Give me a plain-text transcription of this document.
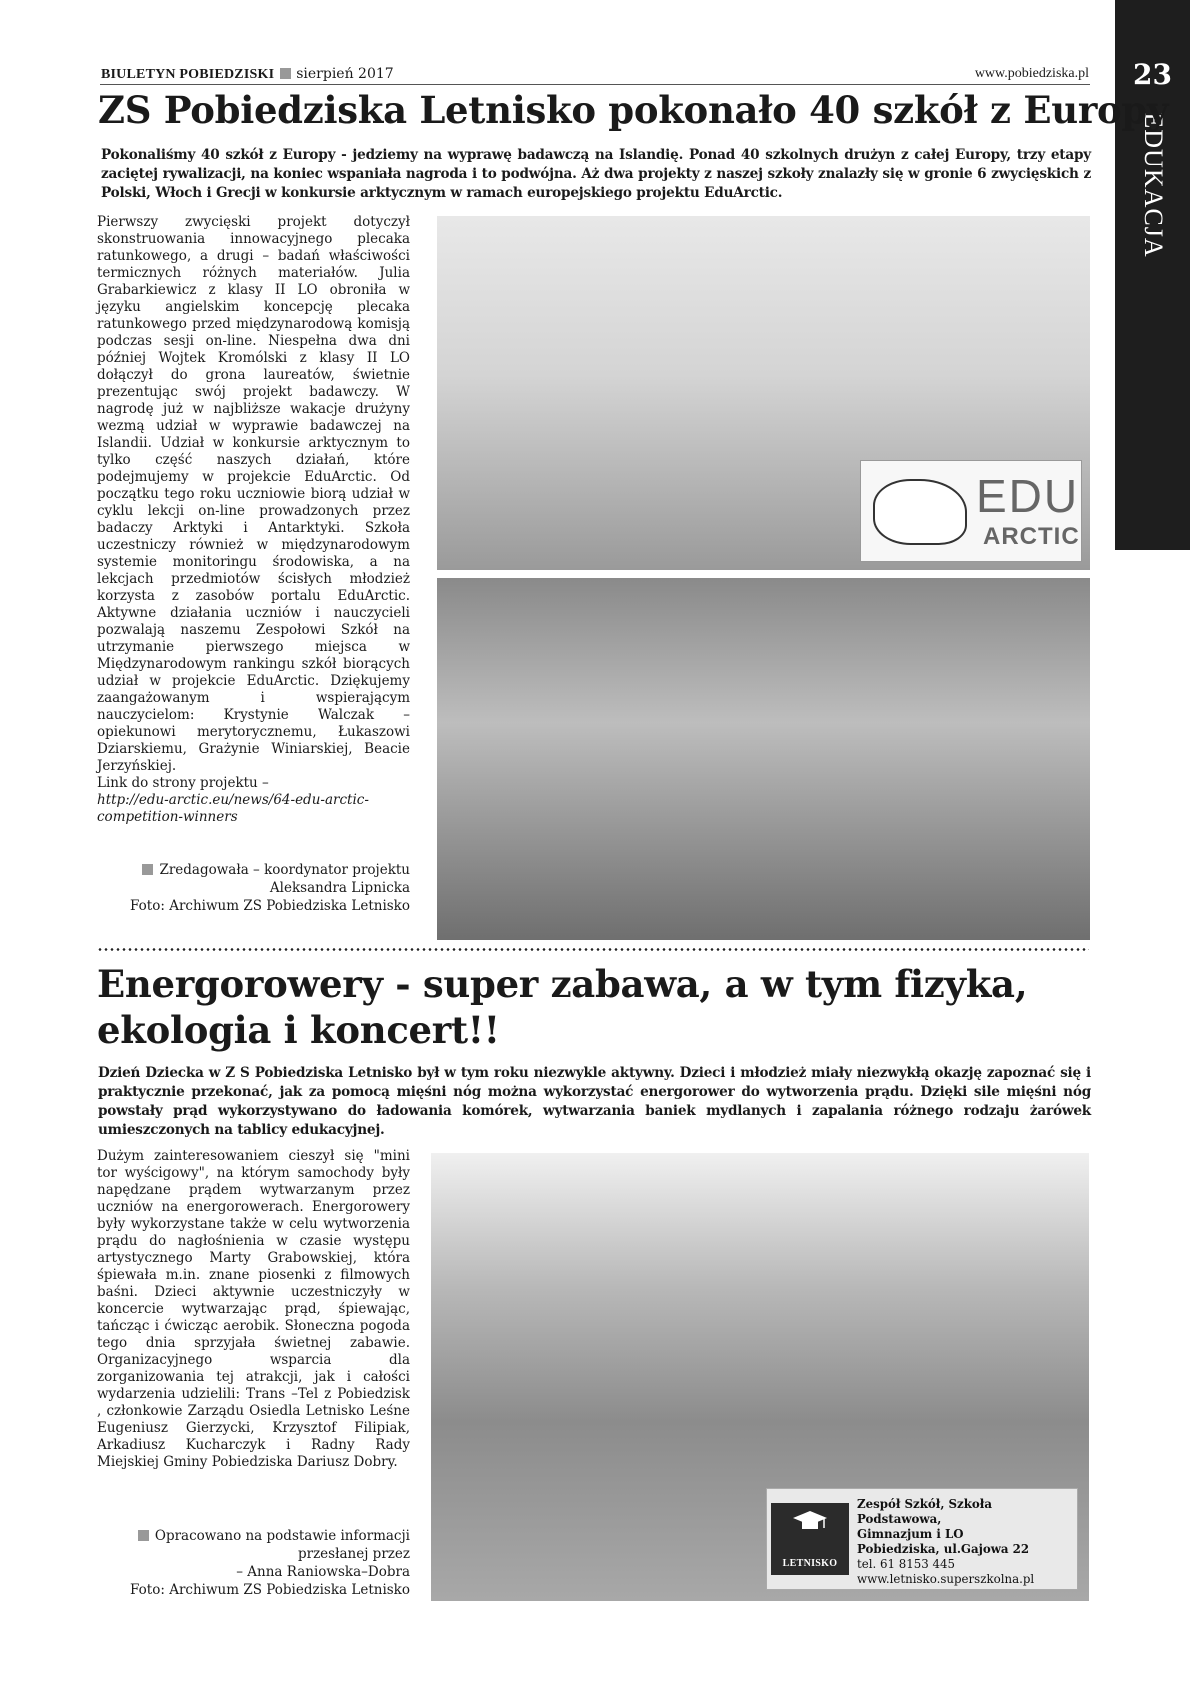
BIULETYN POBIEDZISKI sierpień 2017	www.pobiedziska.pl	23
EDUKACJA
ZS Pobiedziska Letnisko pokonało 40 szkół z Europy
Pokonaliśmy 40 szkół z Europy - jedziemy na wyprawę badawczą na Islandię. Ponad 40 szkolnych drużyn z całej Europy, trzy etapy zaciętej rywalizacji, na koniec wspaniała nagroda i to podwójna. Aż dwa projekty z naszej szkoły znalazły się w gronie 6 zwycięskich z Polski, Włoch i Grecji w konkursie arktycznym w ramach europejskiego projektu EduArctic.
Pierwszy zwycięski projekt dotyczył skonstruowania innowacyjnego plecaka ratunkowego, a drugi – badań właściwości termicznych różnych materiałów. Julia Grabarkiewicz z klasy II LO obroniła w języku angielskim koncepcję plecaka ratunkowego przed międzynarodową komisją podczas sesji on-line. Niespełna dwa dni później Wojtek Kromólski z klasy II LO dołączył do grona laureatów, świetnie prezentując swój projekt badawczy. W nagrodę już w najbliższe wakacje drużyny wezmą udział w wyprawie badawczej na Islandii. Udział w konkursie arktycznym to tylko część naszych działań, które podejmujemy w projekcie EduArctic. Od początku tego roku uczniowie biorą udział w cyklu lekcji on-line prowadzonych przez badaczy Arktyki i Antarktyki. Szkoła uczestniczy również w międzynarodowym systemie monitoringu środowiska, a na lekcjach przedmiotów ścisłych młodzież korzysta z zasobów portalu EduArctic. Aktywne działania uczniów i nauczycieli pozwalają naszemu Zespołowi Szkół na utrzymanie pierwszego miejsca w Międzynarodowym rankingu szkół biorących udział w projekcie EduArctic. Dziękujemy zaangażowanym i wspierającym nauczycielom: Krystynie Walczak – opiekunowi merytorycznemu, Łukaszowi Dziarskiemu, Grażynie Winiarskiej, Beacie Jerzyńskiej.
Link do strony projektu –
http://edu-arctic.eu/news/64-edu-arctic-competition-winners
Zredagowała – koordynator projektu
Aleksandra Lipnicka
Foto: Archiwum ZS Pobiedziska Letnisko
EDU
ARCTIC
Energorowery - super zabawa, a w tym fizyka, ekologia i koncert!!
Dzień Dziecka w Z S Pobiedziska Letnisko był w tym roku niezwykle aktywny. Dzieci i młodzież miały niezwykłą okazję zapoznać się i praktycznie przekonać, jak za pomocą mięśni nóg można wykorzystać energorower do wytworzenia prądu. Dzięki sile mięśni nóg powstały prąd wykorzystywano do ładowania komórek, wytwarzania baniek mydlanych i zapalania różnego rodzaju żarówek umieszczonych na tablicy edukacyjnej.
Dużym zainteresowaniem cieszył się "mini tor wyścigowy", na którym samochody były napędzane prądem wytwarzanym przez uczniów na energorowerach. Energorowery były wykorzystane także w celu wytworzenia prądu do nagłośnienia w czasie występu artystycznego Marty Grabowskiej, która śpiewała m.in. znane piosenki z filmowych baśni. Dzieci aktywnie uczestniczyły w koncercie wytwarzając prąd, śpiewając, tańcząc i ćwicząc aerobik. Słoneczna pogoda tego dnia sprzyjała świetnej zabawie. Organizacyjnego wsparcia dla zorganizowania tej atrakcji, jak i całości wydarzenia udzielili: Trans –Tel z Pobiedzisk , członkowie Zarządu Osiedla Letnisko Leśne Eugeniusz Gierzycki, Krzysztof Filipiak, Arkadiusz Kucharczyk i Radny Rady Miejskiej Gminy Pobiedziska Dariusz Dobry.
Opracowano na podstawie informacji
przesłanej przez
– Anna Raniowska–Dobra
Foto: Archiwum ZS Pobiedziska Letnisko
LETNISKO
Zespół Szkół, Szkoła Podstawowa,
Gimnazjum i LO
Pobiedziska, ul.Gajowa 22
tel. 61 8153 445
www.letnisko.superszkolna.pl
